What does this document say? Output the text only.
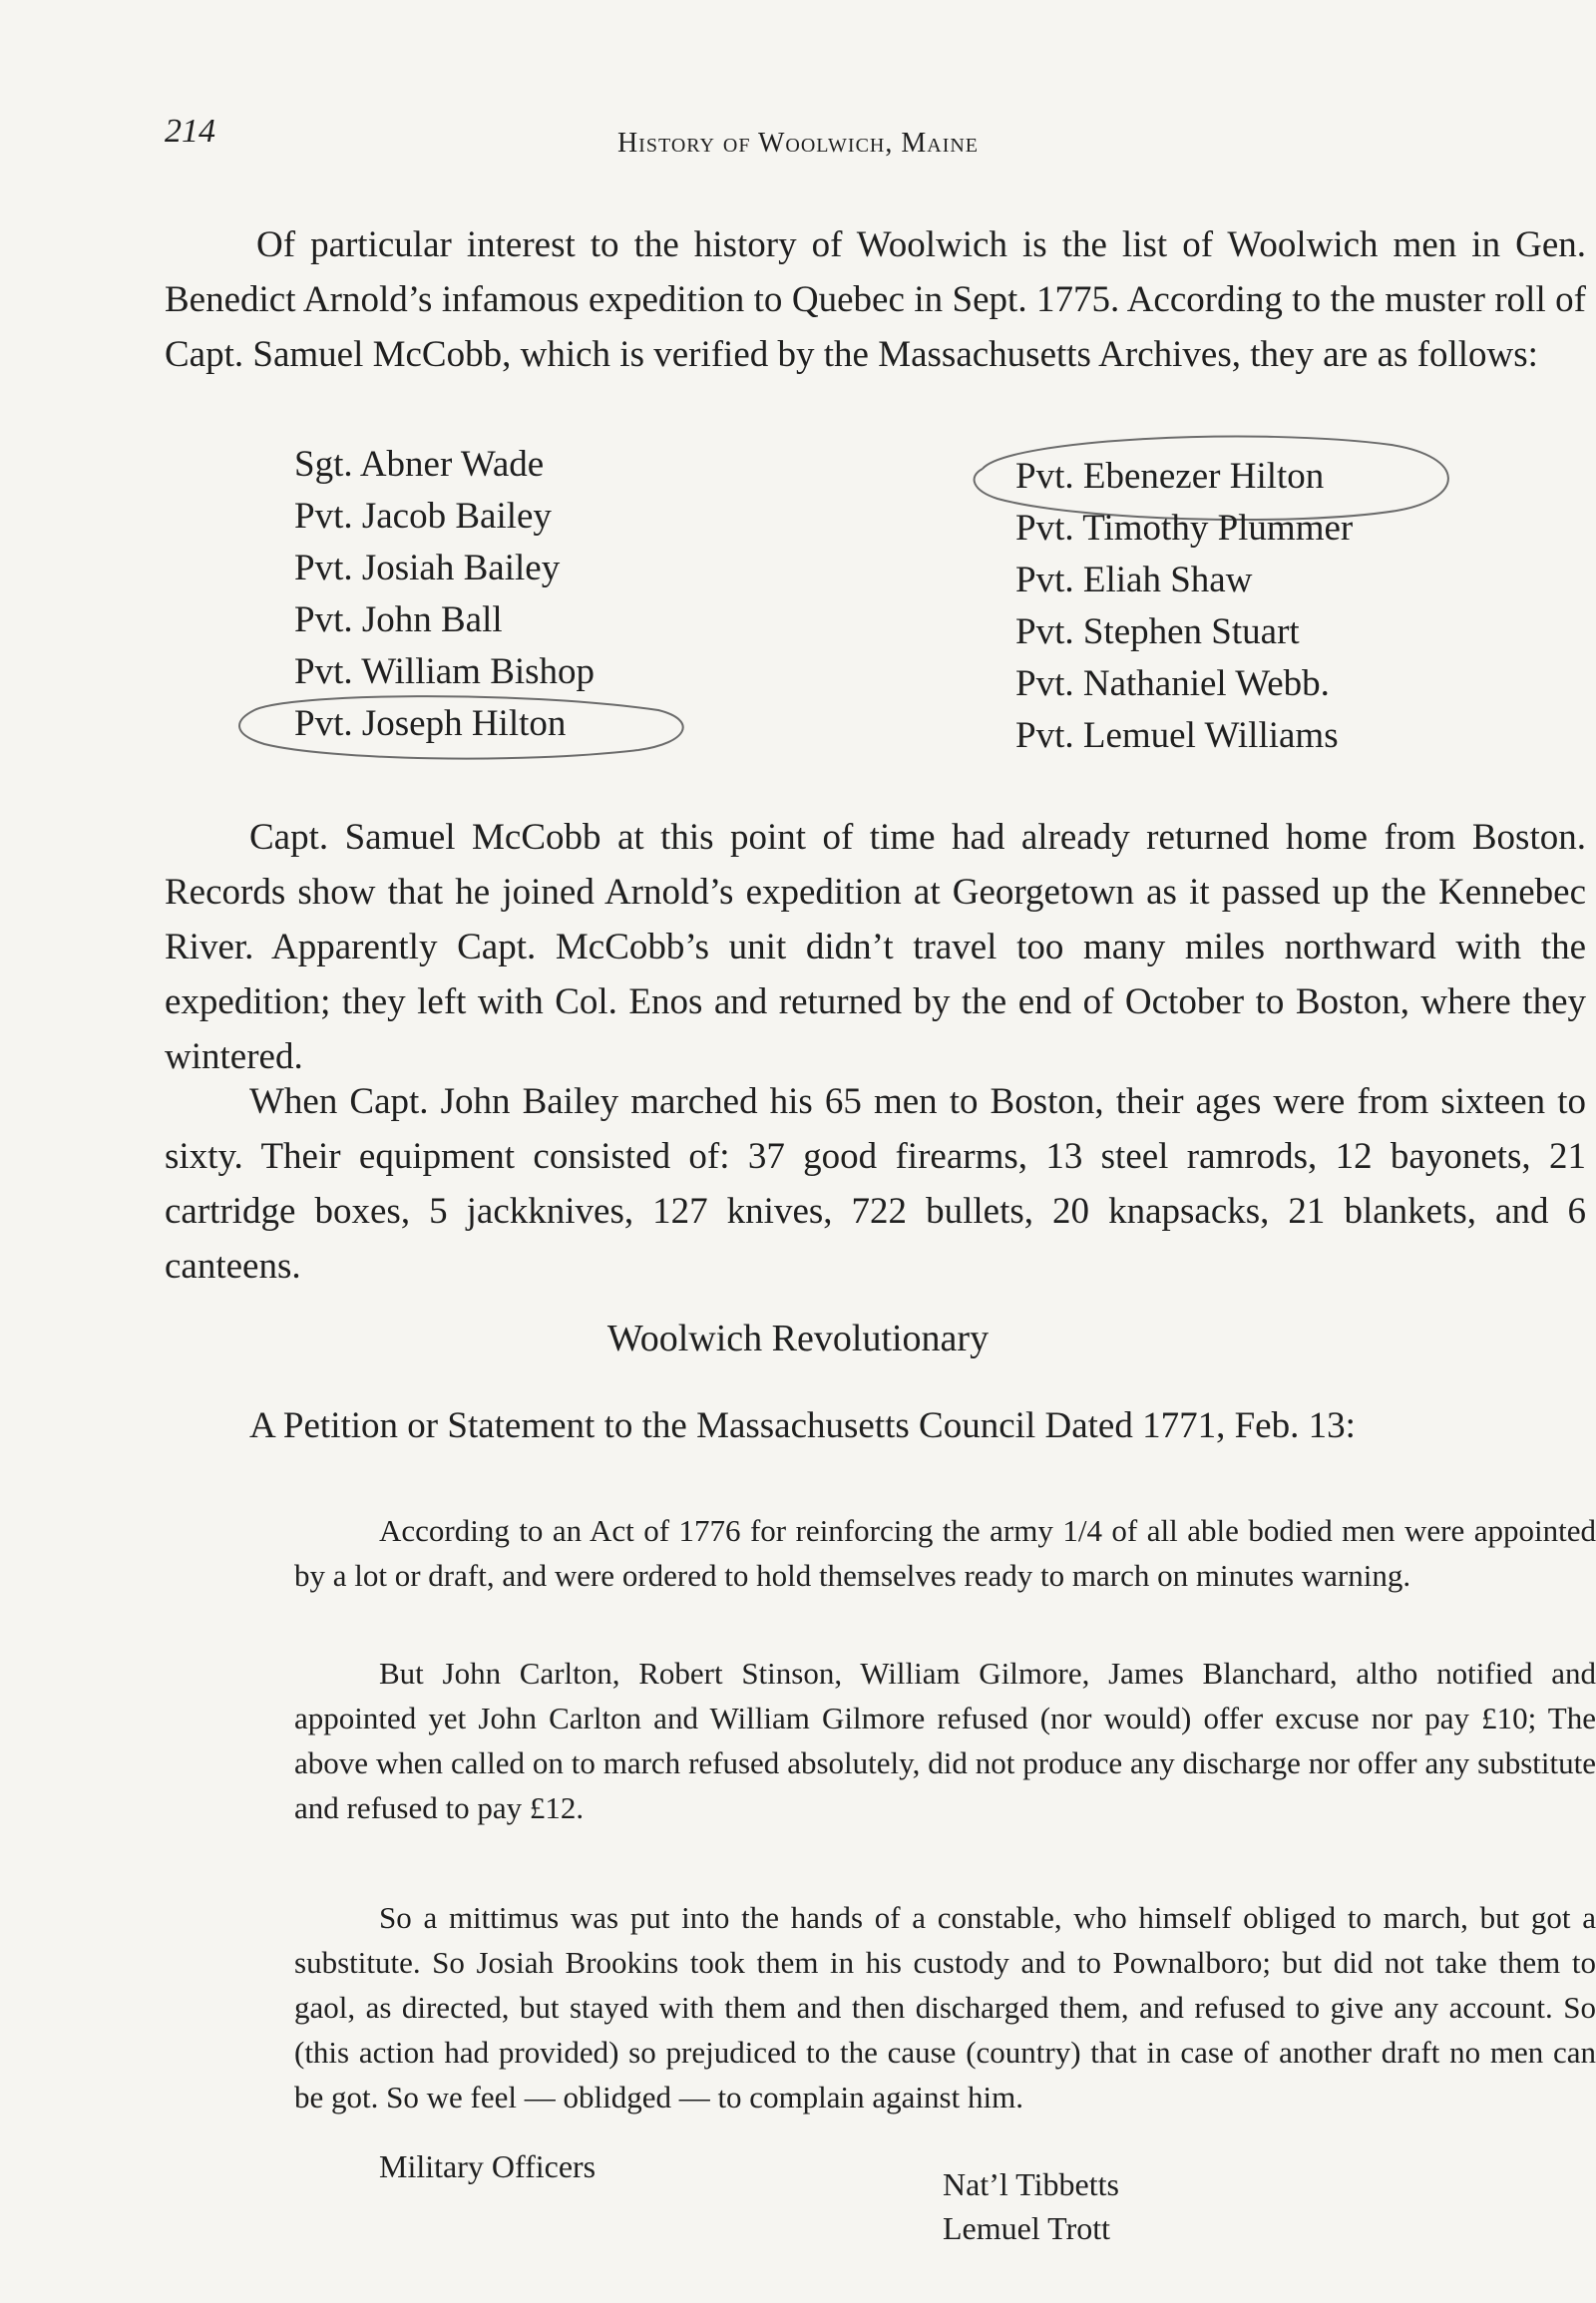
214	History of Woolwich, Maine
Of particular interest to the history of Woolwich is the list of Woolwich men in Gen. Benedict Arnold’s infamous expedition to Quebec in Sept. 1775. According to the muster roll of Capt. Samuel McCobb, which is verified by the Massachusetts Archives, they are as follows:
Sgt. Abner Wade
Pvt. Jacob Bailey
Pvt. Josiah Bailey
Pvt. John Ball
Pvt. William Bishop
Pvt. Joseph Hilton
Pvt. Ebenezer Hilton
Pvt. Timothy Plummer
Pvt. Eliah Shaw
Pvt. Stephen Stuart
Pvt. Nathaniel Webb.
Pvt. Lemuel Williams
Capt. Samuel McCobb at this point of time had already returned home from Boston. Records show that he joined Arnold’s expedition at Georgetown as it passed up the Kennebec River. Apparently Capt. McCobb’s unit didn’t travel too many miles northward with the expedition; they left with Col. Enos and returned by the end of October to Boston, where they wintered.
When Capt. John Bailey marched his 65 men to Boston, their ages were from sixteen to sixty. Their equipment consisted of: 37 good firearms, 13 steel ramrods, 12 bayonets, 21 cartridge boxes, 5 jackknives, 127 knives, 722 bullets, 20 knapsacks, 21 blankets, and 6 canteens.
Woolwich Revolutionary
A Petition or Statement to the Massachusetts Council Dated 1771, Feb. 13:
According to an Act of 1776 for reinforcing the army 1/4 of all able bodied men were appointed by a lot or draft, and were ordered to hold themselves ready to march on minutes warning.
But John Carlton, Robert Stinson, William Gilmore, James Blanchard, altho notified and appointed yet John Carlton and William Gilmore refused (nor would) offer excuse nor pay £10; The above when called on to march refused absolutely, did not produce any discharge nor offer any substitute and refused to pay £12.
So a mittimus was put into the hands of a constable, who himself obliged to march, but got a substitute. So Josiah Brookins took them in his custody and to Pownalboro; but did not take them to gaol, as directed, but stayed with them and then discharged them, and refused to give any account. So (this action had provided) so prejudiced to the cause (country) that in case of another draft no men can be got. So we feel — oblidged — to complain against him.
Military Officers	Nat’l Tibbetts
Lemuel Trott
